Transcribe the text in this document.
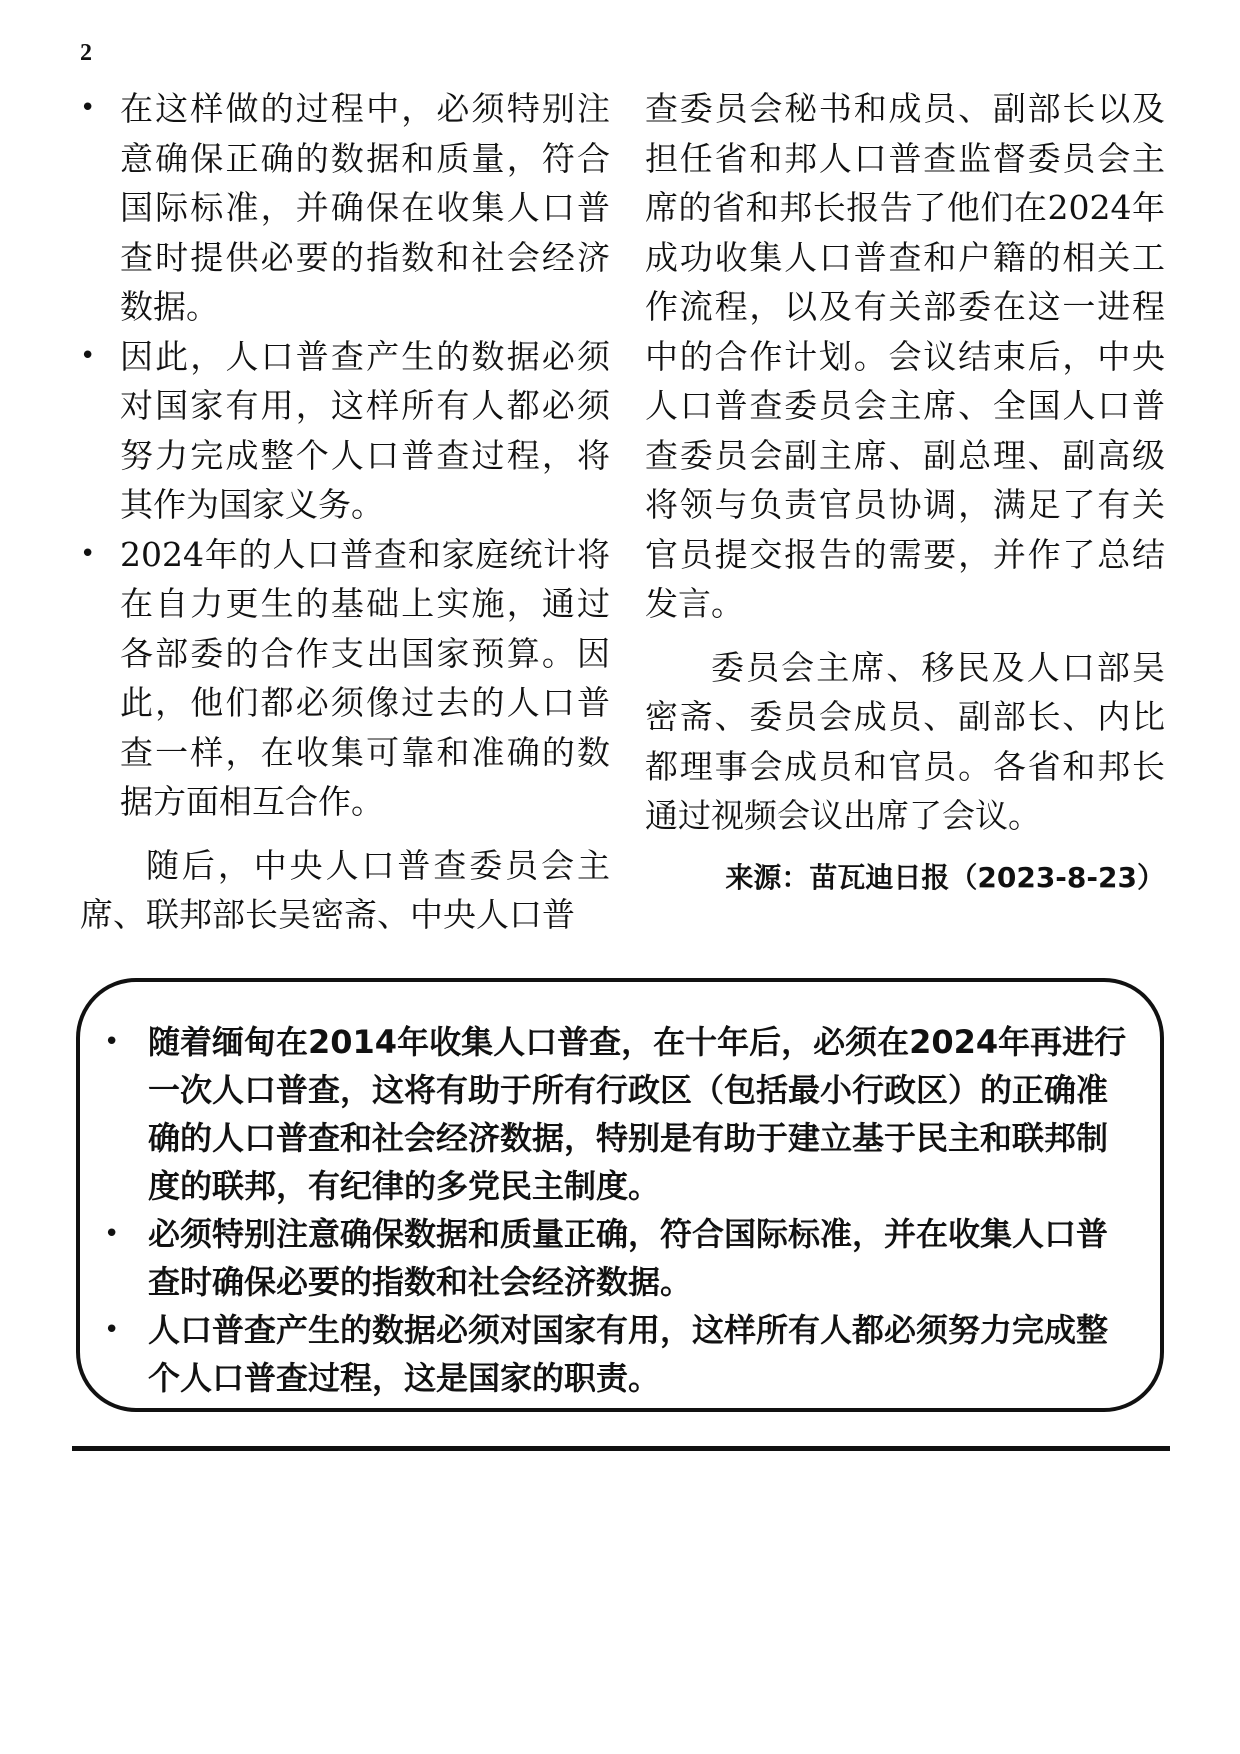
2
• 在这样做的过程中，必须特别注意确保正确的数据和质量，符合国际标准，并确保在收集人口普查时提供必要的指数和社会经济数据。
• 因此，人口普查产生的数据必须对国家有用，这样所有人都必须努力完成整个人口普查过程，将其作为国家义务。
• 2024年的人口普查和家庭统计将在自力更生的基础上实施，通过各部委的合作支出国家预算。因此，他们都必须像过去的人口普查一样，在收集可靠和准确的数据方面相互合作。

随后，中央人口普查委员会主席、联邦部长吴密斋、中央人口普

查委员会秘书和成员、副部长以及担任省和邦人口普查监督委员会主席的省和邦长报告了他们在2024年成功收集人口普查和户籍的相关工作流程，以及有关部委在这一进程中的合作计划。会议结束后，中央人口普查委员会主席、全国人口普查委员会副主席、副总理、副高级将领与负责官员协调，满足了有关官员提交报告的需要，并作了总结发言。

委员会主席、移民及人口部吴密斋、委员会成员、副部长、内比都理事会成员和官员。各省和邦长通过视频会议出席了会议。

来源：苗瓦迪日报（2023-8-23）
• 随着缅甸在2014年收集人口普查，在十年后，必须在2024年再进行一次人口普查，这将有助于所有行政区（包括最小行政区）的正确准确的人口普查和社会经济数据，特别是有助于建立基于民主和联邦制度的联邦，有纪律的多党民主制度。
• 必须特别注意确保数据和质量正确，符合国际标准，并在收集人口普查时确保必要的指数和社会经济数据。
• 人口普查产生的数据必须对国家有用，这样所有人都必须努力完成整个人口普查过程，这是国家的职责。
